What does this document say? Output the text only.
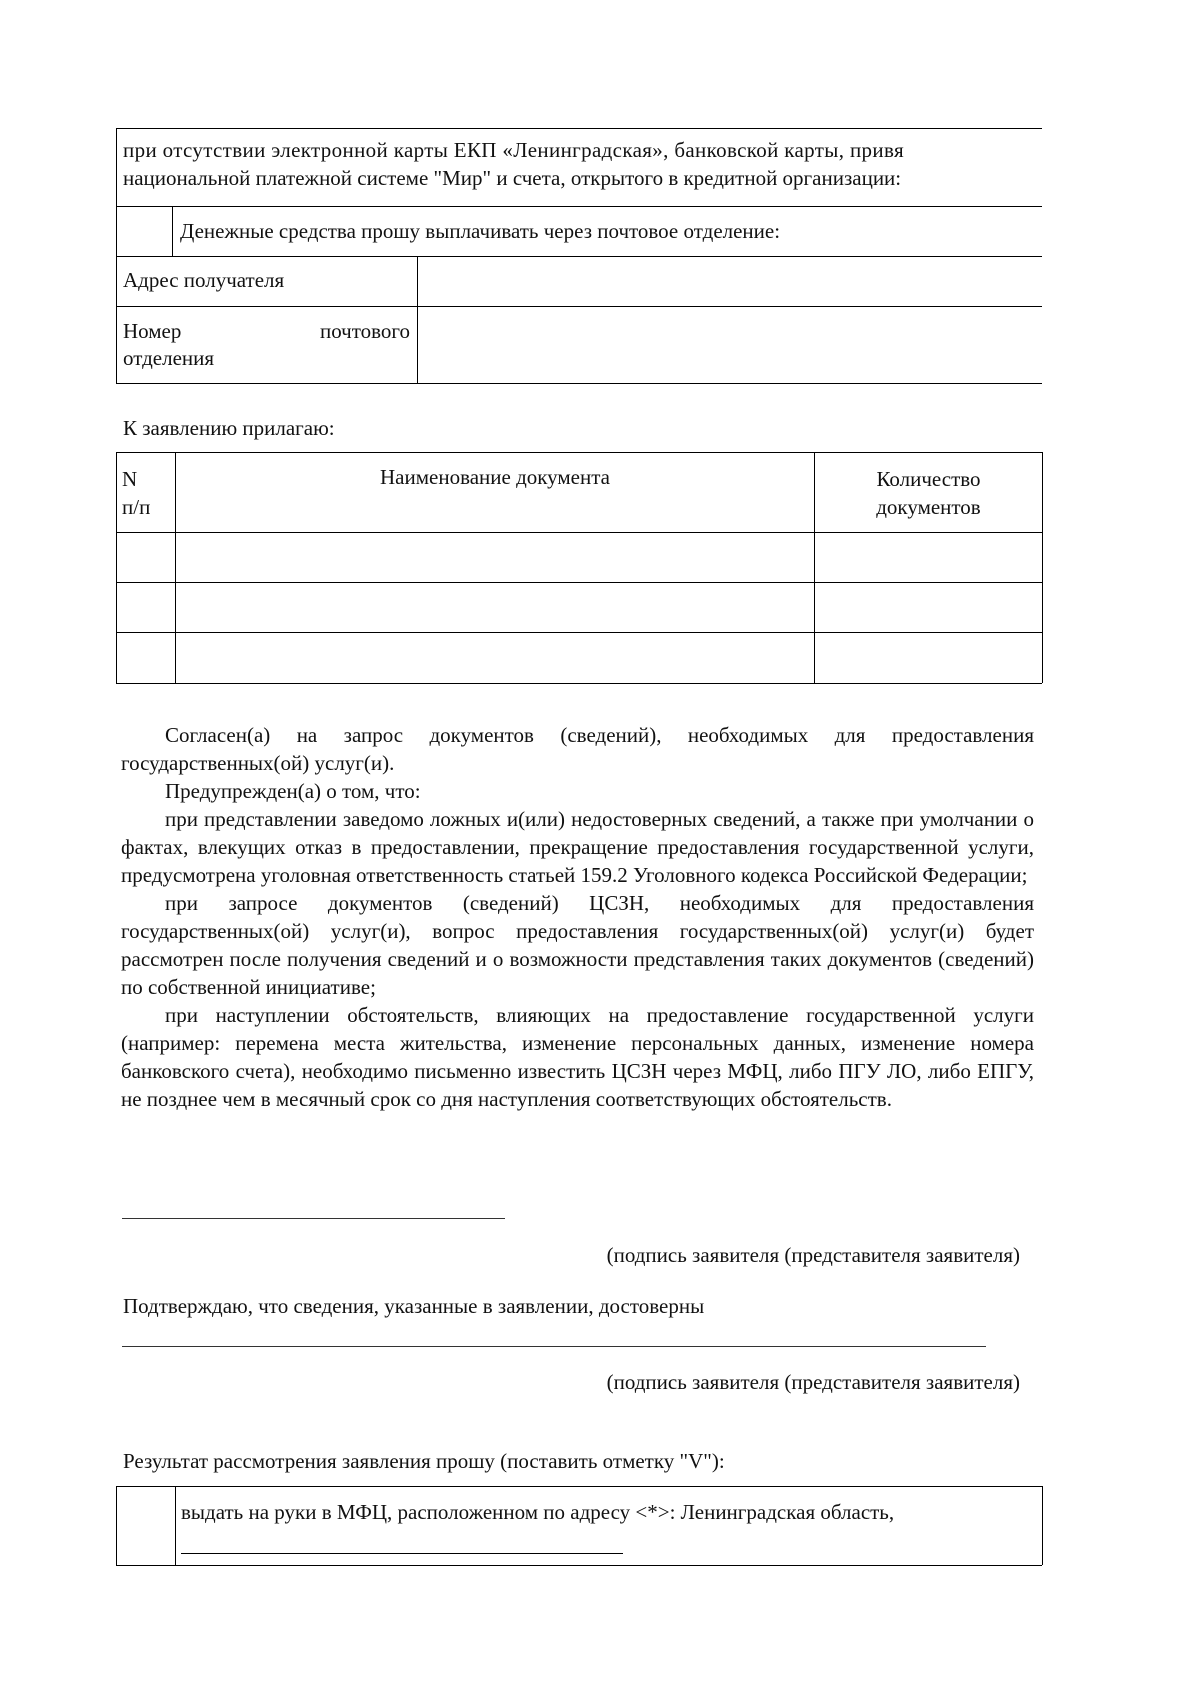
при отсутствии электронной карты ЕКП «Ленинградская», банковской карты, привя
национальной платежной системе "Мир" и счета, открытого в кредитной организации:
Денежные средства прошу выплачивать через почтовое отделение:
Адрес получателя
Номер	почтового
отделения
К заявлению прилагаю:
N
п/п
Наименование документа	Количество
документов

Согласен(а) на запрос документов (сведений), необходимых для предоставления государственных(ой) услуг(и).

Предупрежден(а) о том, что:

при представлении заведомо ложных и(или) недостоверных сведений, а также при умолчании о фактах, влекущих отказ в предоставлении, прекращение предоставления государственной услуги, предусмотрена уголовная ответственность статьей 159.2 Уголовного кодекса Российской Федерации;

при запросе документов (сведений) ЦСЗН, необходимых для предоставления государственных(ой) услуг(и), вопрос предоставления государственных(ой) услуг(и) будет рассмотрен после получения сведений и о возможности представления таких документов (сведений) по собственной инициативе;

при наступлении обстоятельств, влияющих на предоставление государственной услуги (например: перемена места жительства, изменение персональных данных, изменение номера банковского счета), необходимо письменно известить ЦСЗН через МФЦ, либо ПГУ ЛО, либо ЕПГУ, не позднее чем в месячный срок со дня наступления соответствующих обстоятельств.

(подпись заявителя (представителя заявителя)
Подтверждаю, что сведения, указанные в заявлении, достоверны
(подпись заявителя (представителя заявителя)
Результат рассмотрения заявления прошу (поставить отметку "V"):
выдать на руки в МФЦ, расположенном по адресу <*>: Ленинградская область,
